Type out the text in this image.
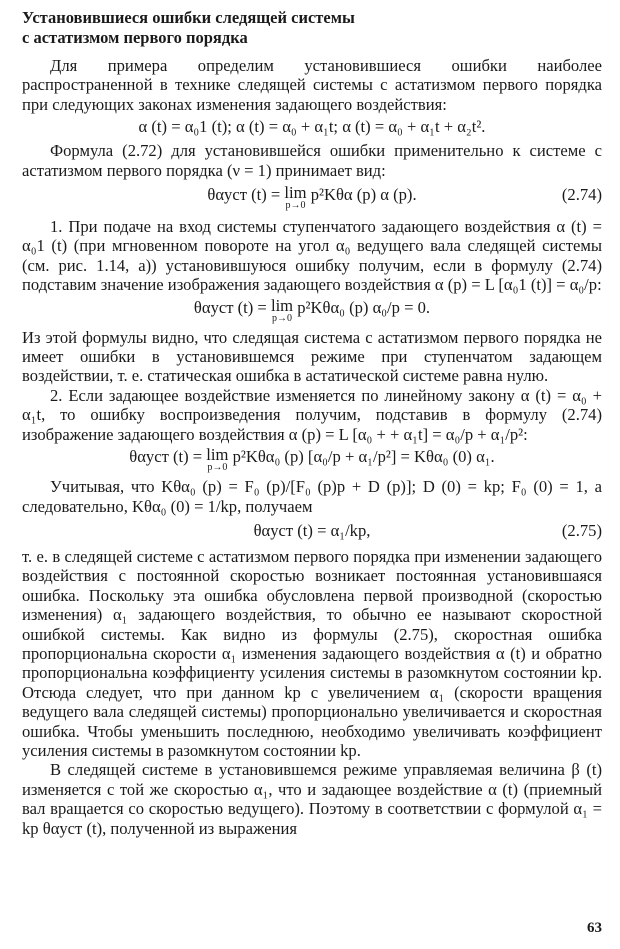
Установившиеся ошибки следящей системы
с астатизмом первого порядка

Для примера определим установившиеся ошибки наиболее распространенной в технике следящей системы с астатизмом первого порядка при следующих законах изменения задающего воздействия:

α (t) = α₀1 (t); α (t) = α₀ + α₁t; α (t) = α₀ + α₁t + α₂t².

Формула (2.72) для установившейся ошибки применительно к системе с астатизмом первого порядка (ν = 1) принимает вид:

θαуст (t) = lim
p→0
p²Kθα (p) α (p).	(2.74)

1. При подаче на вход системы ступенчатого задающего воздействия α (t) = α₀1 (t) (при мгновенном повороте на угол α₀ ведущего вала следящей системы (см. рис. 1.14, а)) установившуюся ошибку получим, если в формулу (2.74) подставим значение изображения задающего воздействия α (p) = L [α₀1 (t)] = α₀/p:

θαуст (t) = lim
p→0
p²Kθα₀ (p) α₀/p = 0.

Из этой формулы видно, что следящая система с астатизмом первого порядка не имеет ошибки в установившемся режиме при ступенчатом задающем воздействии, т. е. статическая ошибка в астатической системе равна нулю.

2. Если задающее воздействие изменяется по линейному закону α (t) = α₀ + α₁t, то ошибку воспроизведения получим, подставив в формулу (2.74) изображение задающего воздействия α (p) = L [α₀ + + α₁t] = α₀/p + α₁/p²:

θαуст (t) = lim
p→0
p²Kθα₀ (p) [α₀/p + α₁/p²] = Kθα₀ (0) α₁.

Учитывая, что Kθα₀ (p) = F₀ (p)/[F₀ (p)p + D (p)]; D (0) = kp; F₀ (0) = 1, а следовательно, Kθα₀ (0) = 1/kp, получаем

θαуст (t) = α₁/kp,	(2.75)

т. е. в следящей системе с астатизмом первого порядка при изменении задающего воздействия с постоянной скоростью возникает постоянная установившаяся ошибка. Поскольку эта ошибка обусловлена первой производной (скоростью изменения) α₁ задающего воздействия, то обычно ее называют скоростной ошибкой системы. Как видно из формулы (2.75), скоростная ошибка пропорциональна скорости α₁ изменения задающего воздействия α (t) и обратно пропорциональна коэффициенту усиления системы в разомкнутом состоянии kp. Отсюда следует, что при данном kp с увеличением α₁ (скорости вращения ведущего вала следящей системы) пропорционально увеличивается и скоростная ошибка. Чтобы уменьшить последнюю, необходимо увеличивать коэффициент усиления системы в разомкнутом состоянии kp.

В следящей системе в установившемся режиме управляемая величина β (t) изменяется с той же скоростью α₁, что и задающее воздействие α (t) (приемный вал вращается со скоростью ведущего). Поэтому в соответствии с формулой α₁ = kp θαуст (t), полученной из выражения

63
